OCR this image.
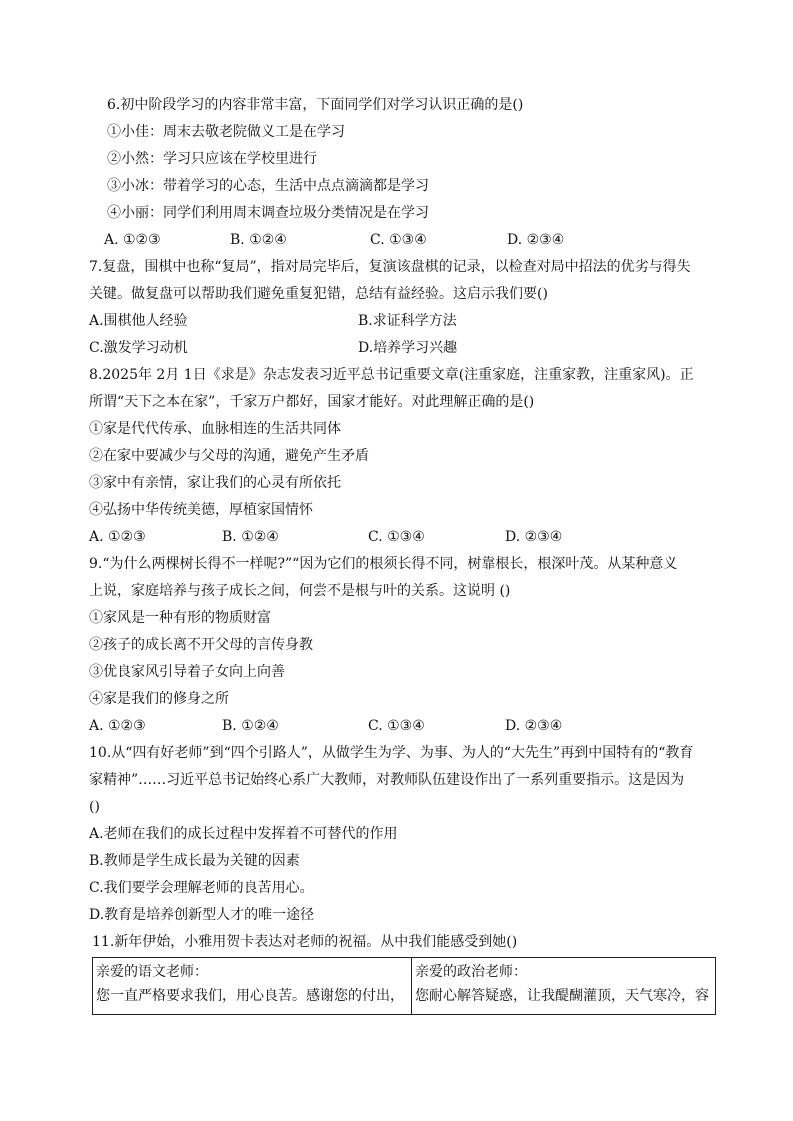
6.初中阶段学习的内容非常丰富，下面同学们对学习认识正确的是()
①小佳：周末去敬老院做义工是在学习
②小然：学习只应该在学校里进行
③小冰：带着学习的心态，生活中点点滴滴都是学习
④小丽：同学们利用周末调查垃圾分类情况是在学习
A. ①②③	B. ①②④	C. ①③④	D. ②③④
7.复盘，围棋中也称“复局”，指对局完毕后，复演该盘棋的记录，以检查对局中招法的优劣与得失
关键。做复盘可以帮助我们避免重复犯错，总结有益经验。这启示我们要()
A.围棋他人经验	B.求证科学方法
C.激发学习动机	D.培养学习兴趣
8.2025年 2月 1日《求是》杂志发表习近平总书记重要文章(注重家庭，注重家教，注重家风)。正
所谓“天下之本在家”，千家万户都好，国家才能好。对此理解正确的是()
①家是代代传承、血脉相连的生活共同体
②在家中要减少与父母的沟通，避免产生矛盾
③家中有亲情，家让我们的心灵有所依托
④弘扬中华传统美德，厚植家国情怀
A. ①②③	B. ①②④	C. ①③④	D. ②③④
9.“为什么两棵树长得不一样呢?”“因为它们的根须长得不同，树靠根长，根深叶茂。从某种意义
上说，家庭培养与孩子成长之间，何尝不是根与叶的关系。这说明 ()
①家风是一种有形的物质财富
②孩子的成长离不开父母的言传身教
③优良家风引导着子女向上向善
④家是我们的修身之所
A. ①②③	B. ①②④	C. ①③④	D. ②③④
10.从“四有好老师”到“四个引路人”，从做学生为学、为事、为人的“大先生”再到中国特有的“教育
家精神”……习近平总书记始终心系广大教师，对教师队伍建设作出了一系列重要指示。这是因为
()
A.老师在我们的成长过程中发挥着不可替代的作用
B.教师是学生成长最为关键的因素
C.我们要学会理解老师的良苦用心。
D.教育是培养创新型人才的唯一途径
11.新年伊始，小雅用贺卡表达对老师的祝福。从中我们能感受到她()
亲爱的语文老师：
您一直严格要求我们，用心良苦。感谢您的付出，

亲爱的政治老师：
您耐心解答疑惑，让我醍醐灌顶，天气寒冷，容
